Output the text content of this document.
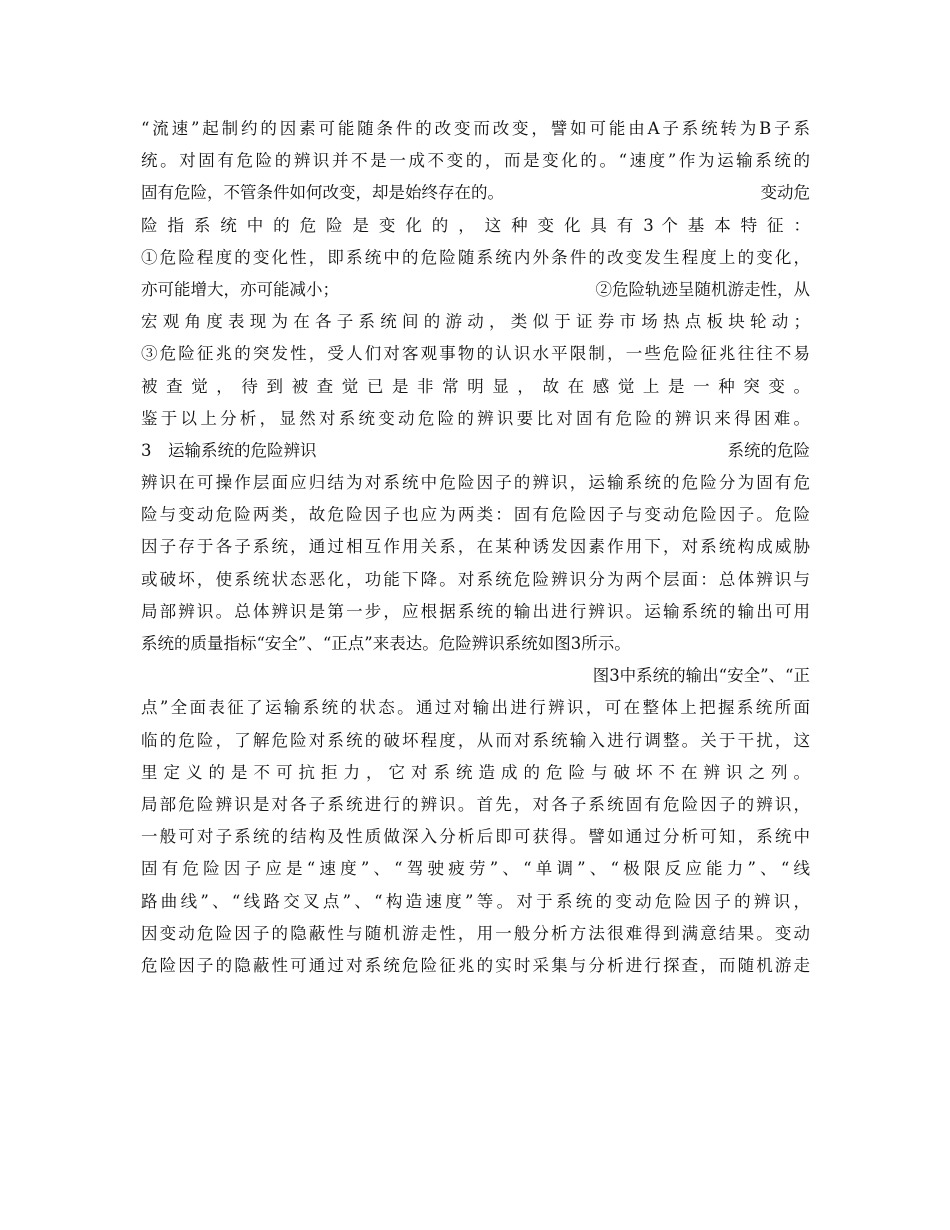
“流速”起制约的因素可能随条件的改变而改变，譬如可能由A子系统转为B子系
统。对固有危险的辨识并不是一成不变的，而是变化的。“速度”作为运输系统的
固有危险，不管条件如何改变，却是始终存在的。	变动危
险 指 系 统 中 的 危 险 是 变 化 的 ， 这 种 变 化 具 有 3 个 基 本 特 征 ：
①危险程度的变化性，即系统中的危险随系统内外条件的改变发生程度上的变化，
亦可能增大，亦可能减小；	②危险轨迹呈随机游走性，从
宏 观 角 度 表 现 为 在 各 子 系 统 间 的 游 动 ， 类 似 于 证 券 市 场 热 点 板 块 轮 动 ；
③危险征兆的突发性，受人们对客观事物的认识水平限制，一些危险征兆往往不易
被 查 觉 ， 待 到 被 查 觉 已 是 非 常 明 显 ， 故 在 感 觉 上 是 一 种 突 变 。
鉴于以上分析，显然对系统变动危险的辨识要比对固有危险的辨识来得困难。
3　运输系统的危险辨识	系统的危险
辨识在可操作层面应归结为对系统中危险因子的辨识，运输系统的危险分为固有危
险与变动危险两类，故危险因子也应为两类：固有危险因子与变动危险因子。危险
因子存于各子系统，通过相互作用关系，在某种诱发因素作用下，对系统构成威胁
或破坏，使系统状态恶化，功能下降。对系统危险辨识分为两个层面：总体辨识与
局部辨识。总体辨识是第一步，应根据系统的输出进行辨识。运输系统的输出可用
系统的质量指标“安全”、“正点”来表达。危险辨识系统如图3所示。
图3中系统的输出“安全”、“正
点”全面表征了运输系统的状态。通过对输出进行辨识，可在整体上把握系统所面
临的危险，了解危险对系统的破坏程度，从而对系统输入进行调整。关于干扰，这
里 定 义 的 是 不 可 抗 拒 力 ， 它 对 系 统 造 成 的 危 险 与 破 坏 不 在 辨 识 之 列 。
局部危险辨识是对各子系统进行的辨识。首先，对各子系统固有危险因子的辨识，
一般可对子系统的结构及性质做深入分析后即可获得。譬如通过分析可知，系统中
固有危险因子应是“速度”、“驾驶疲劳”、“单调”、“极限反应能力”、“线
路曲线”、“线路交叉点”、“构造速度”等。对于系统的变动危险因子的辨识，
因变动危险因子的隐蔽性与随机游走性，用一般分析方法很难得到满意结果。变动
危险因子的隐蔽性可通过对系统危险征兆的实时采集与分析进行探查，而随机游走
